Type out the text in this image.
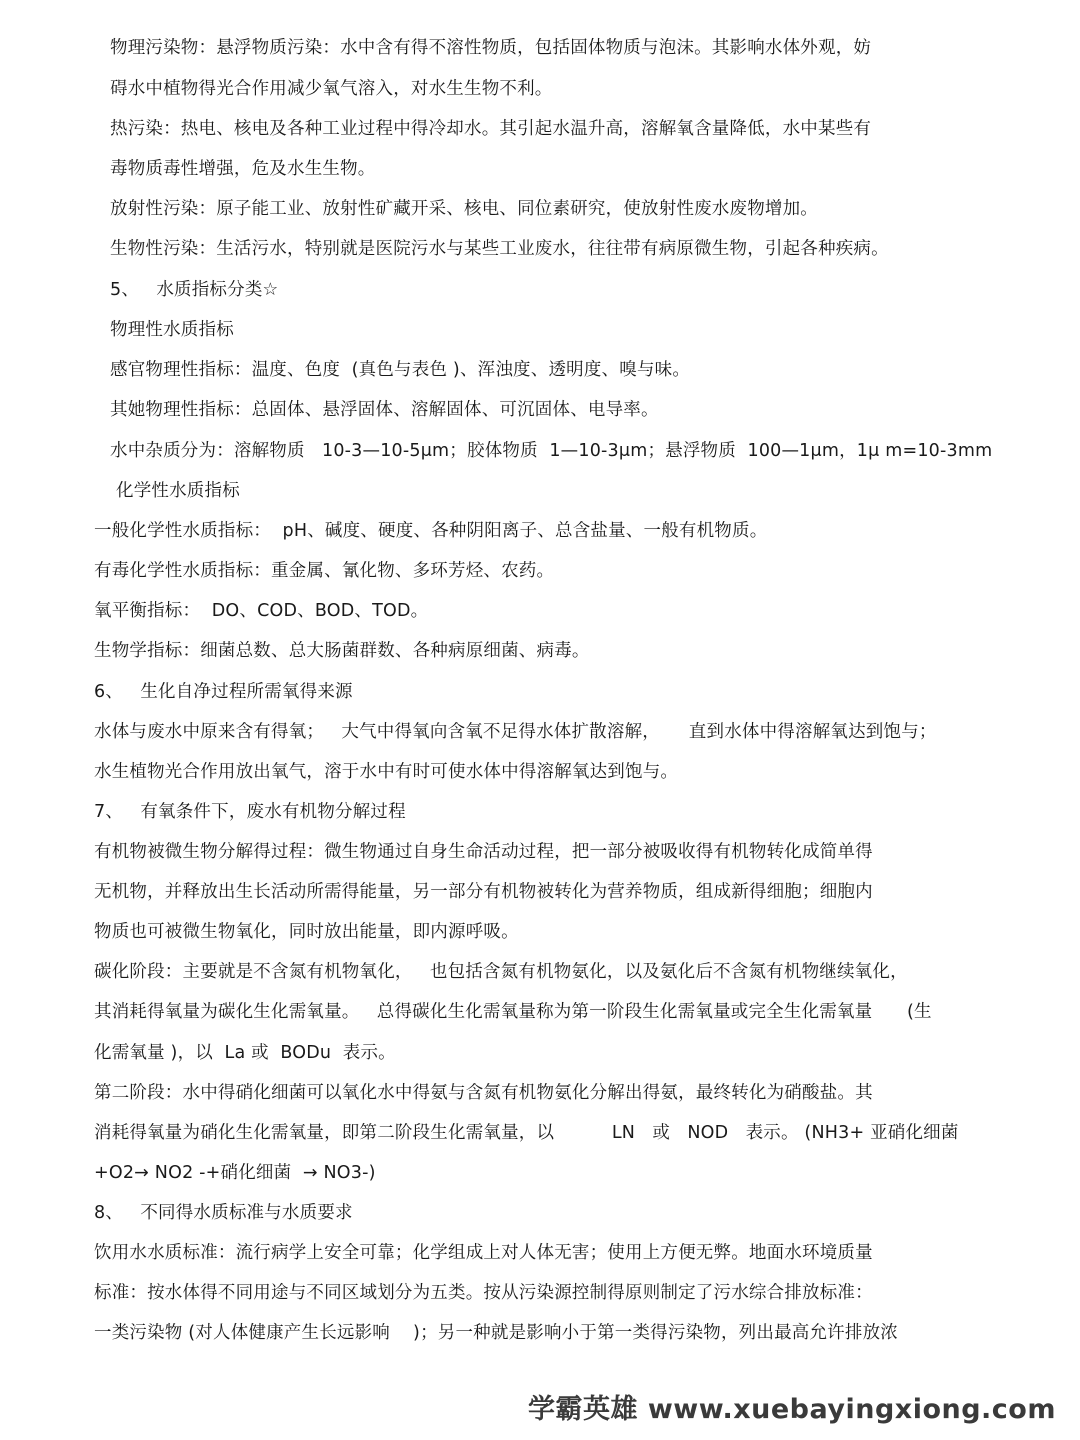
物理污染物：悬浮物质污染：水中含有得不溶性物质，包括固体物质与泡沫。其影响水体外观，妨
碍水中植物得光合作用减少氧气溶入，对水生生物不利。
热污染：热电、核电及各种工业过程中得冷却水。其引起水温升高，溶解氧含量降低，水中某些有
毒物质毒性增强，危及水生生物。
放射性污染：原子能工业、放射性矿藏开采、核电、同位素研究，使放射性废水废物增加。
生物性污染：生活污水，特别就是医院污水与某些工业废水，往往带有病原微生物，引起各种疾病。
5、   水质指标分类☆
物理性水质指标
感官物理性指标：温度、色度  (真色与表色 )、浑浊度、透明度、嗅与味。
其她物理性指标：总固体、悬浮固体、溶解固体、可沉固体、电导率。
水中杂质分为：溶解物质   10-3—10-5μm；胶体物质  1—10-3μm；悬浮物质  100—1μm，1μ m=10-3mm
化学性水质指标
一般化学性水质指标：  pH、碱度、硬度、各种阴阳离子、总含盐量、一般有机物质。
有毒化学性水质指标：重金属、氰化物、多环芳烃、农药。
氧平衡指标：  DO、COD、BOD、TOD。
生物学指标：细菌总数、总大肠菌群数、各种病原细菌、病毒。
6、   生化自净过程所需氧得来源
水体与废水中原来含有得氧；   大气中得氧向含氧不足得水体扩散溶解，     直到水体中得溶解氧达到饱与；
水生植物光合作用放出氧气，溶于水中有时可使水体中得溶解氧达到饱与。
7、   有氧条件下，废水有机物分解过程
有机物被微生物分解得过程：微生物通过自身生命活动过程，把一部分被吸收得有机物转化成简单得
无机物，并释放出生长活动所需得能量，另一部分有机物被转化为营养物质，组成新得细胞；细胞内
物质也可被微生物氧化，同时放出能量，即内源呼吸。
碳化阶段：主要就是不含氮有机物氧化，   也包括含氮有机物氨化，以及氨化后不含氮有机物继续氧化，
其消耗得氧量为碳化生化需氧量。   总得碳化生化需氧量称为第一阶段生化需氧量或完全生化需氧量      (生
化需氧量 )，以  La 或  BODu  表示。
第二阶段：水中得硝化细菌可以氧化水中得氨与含氮有机物氨化分解出得氨，最终转化为硝酸盐。其
消耗得氧量为硝化生化需氧量，即第二阶段生化需氧量，以          LN   或   NOD   表示。 (NH3+ 亚硝化细菌
+O2→ NO2 -+硝化细菌  → NO3-)
8、   不同得水质标准与水质要求
饮用水水质标准：流行病学上安全可靠；化学组成上对人体无害；使用上方便无弊。地面水环境质量
标准：按水体得不同用途与不同区域划分为五类。按从污染源控制得原则制定了污水综合排放标准：
一类污染物 (对人体健康产生长远影响    )；另一种就是影响小于第一类得污染物，列出最高允许排放浓
学霸英雄 www.xuebayingxiong.com
